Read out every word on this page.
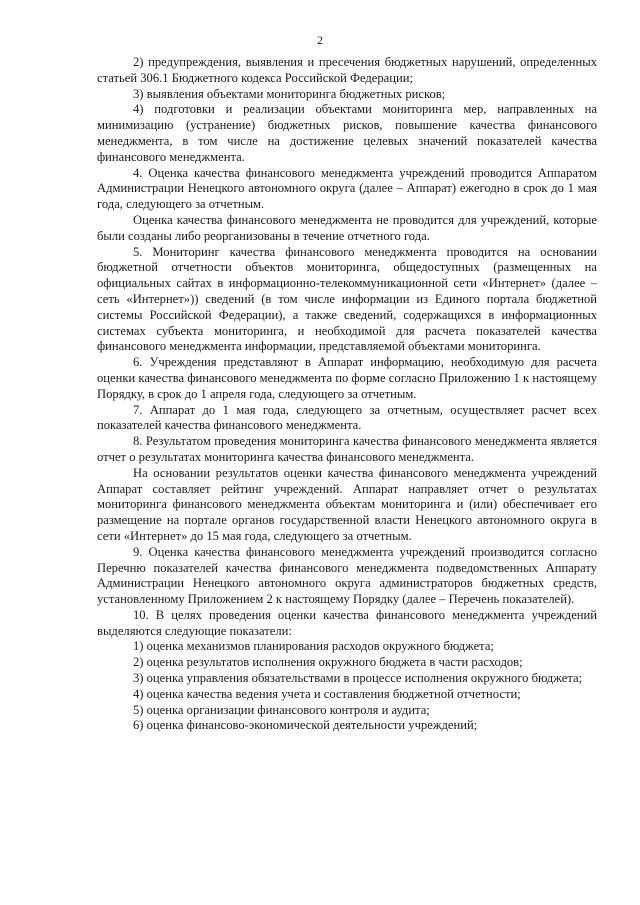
2

2) предупреждения, выявления и пресечения бюджетных нарушений, определенных статьей 306.1 Бюджетного кодекса Российской Федерации;

3) выявления объектами мониторинга бюджетных рисков;

4) подготовки и реализации объектами мониторинга мер, направленных на минимизацию (устранение) бюджетных рисков, повышение качества финансового менеджмента, в том числе на достижение целевых значений показателей качества финансового менеджмента.

4. Оценка качества финансового менеджмента учреждений проводится Аппаратом Администрации Ненецкого автономного округа (далее – Аппарат) ежегодно в срок до 1 мая года, следующего за отчетным.

Оценка качества финансового менеджмента не проводится для учреждений, которые были созданы либо реорганизованы в течение отчетного года.

5. Мониторинг качества финансового менеджмента проводится на основании бюджетной отчетности объектов мониторинга, общедоступных (размещенных на официальных сайтах в информационно-телекоммуникационной сети «Интернет» (далее – сеть «Интернет»)) сведений (в том числе информации из Единого портала бюджетной системы Российской Федерации), а также сведений, содержащихся в информационных системах субъекта мониторинга, и необходимой для расчета показателей качества финансового менеджмента информации, представляемой объектами мониторинга.

6. Учреждения представляют в Аппарат информацию, необходимую для расчета оценки качества финансового менеджмента по форме согласно Приложению 1 к настоящему Порядку, в срок до 1 апреля года, следующего за отчетным.

7. Аппарат до 1 мая года, следующего за отчетным, осуществляет расчет всех показателей качества финансового менеджмента.

8. Результатом проведения мониторинга качества финансового менеджмента является отчет о результатах мониторинга качества финансового менеджмента.

На основании результатов оценки качества финансового менеджмента учреждений Аппарат составляет рейтинг учреждений. Аппарат направляет отчет о результатах мониторинга финансового менеджмента объектам мониторинга и (или) обеспечивает его размещение на портале органов государственной власти Ненецкого автономного округа в сети «Интернет» до 15 мая года, следующего за отчетным.

9. Оценка качества финансового менеджмента учреждений производится согласно Перечню показателей качества финансового менеджмента подведомственных Аппарату Администрации Ненецкого автономного округа администраторов бюджетных средств, установленному Приложением 2 к настоящему Порядку (далее – Перечень показателей).

10. В целях проведения оценки качества финансового менеджмента учреждений выделяются следующие показатели:

1) оценка механизмов планирования расходов окружного бюджета;

2) оценка результатов исполнения окружного бюджета в части расходов;

3) оценка управления обязательствами в процессе исполнения окружного бюджета;

4) оценка качества ведения учета и составления бюджетной отчетности;

5) оценка организации финансового контроля и аудита;

6) оценка финансово-экономической деятельности учреждений;
